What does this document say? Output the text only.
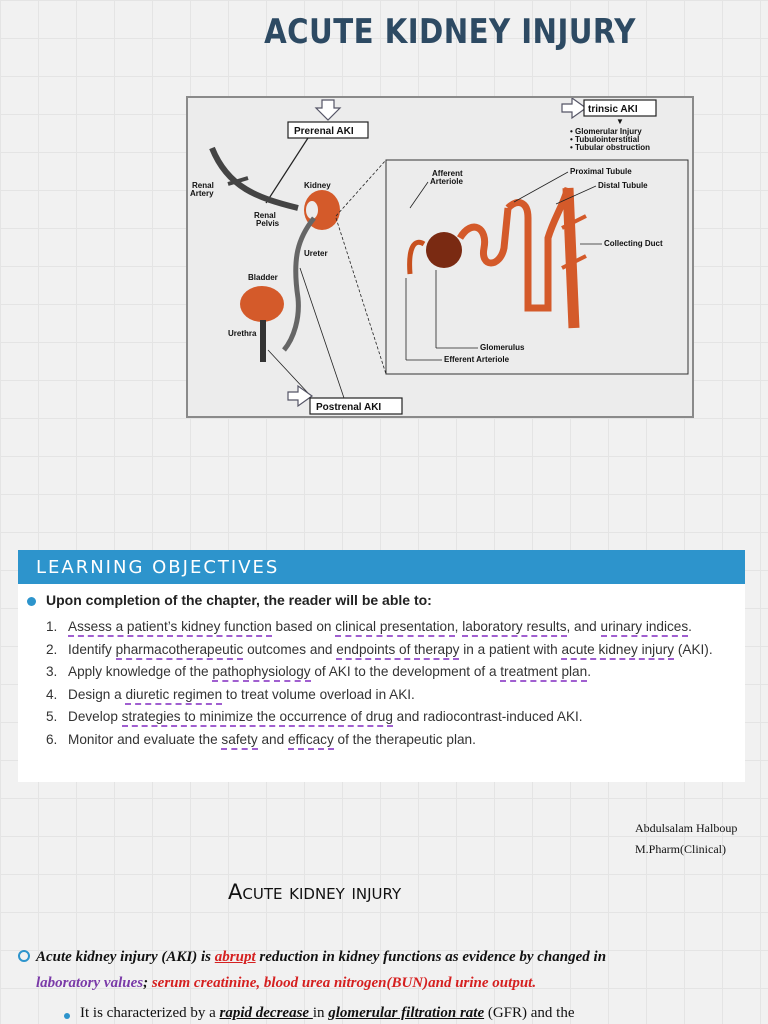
ACUTE KIDNEY INJURY
Prerenal AKI
trinsic AKI
▼
• Glomerular Injury
• Tubulointerstitial
• Tubular obstruction
Renal
Artery
Kidney
Renal
Pelvis
Ureter
Bladder
Urethra
Afferent
Arteriole
Proximal Tubule
Distal Tubule
Collecting Duct
Glomerulus
Efferent Arteriole
Postrenal AKI
LEARNING OBJECTIVES
Upon completion of the chapter, the reader will be able to:
1. Assess a patient’s kidney function based on clinical presentation, laboratory results, and urinary indices.
2. Identify pharmacotherapeutic outcomes and endpoints of therapy in a patient with acute kidney injury (AKI).
3. Apply knowledge of the pathophysiology of AKI to the development of a treatment plan.
4. Design a diuretic regimen to treat volume overload in AKI.
5. Develop strategies to minimize the occurrence of drug and radiocontrast-induced AKI.
6. Monitor and evaluate the safety and efficacy of the therapeutic plan.
Abdulsalam Halboup
M.Pharm(Clinical)
Acute kidney injury
Acute kidney injury (AKI) is abrupt reduction in kidney functions as evidence by changed in
laboratory values; serum creatinine, blood urea nitrogen(BUN)and urine output.
It is characterized by a rapid decrease in glomerular filtration rate (GFR) and the
